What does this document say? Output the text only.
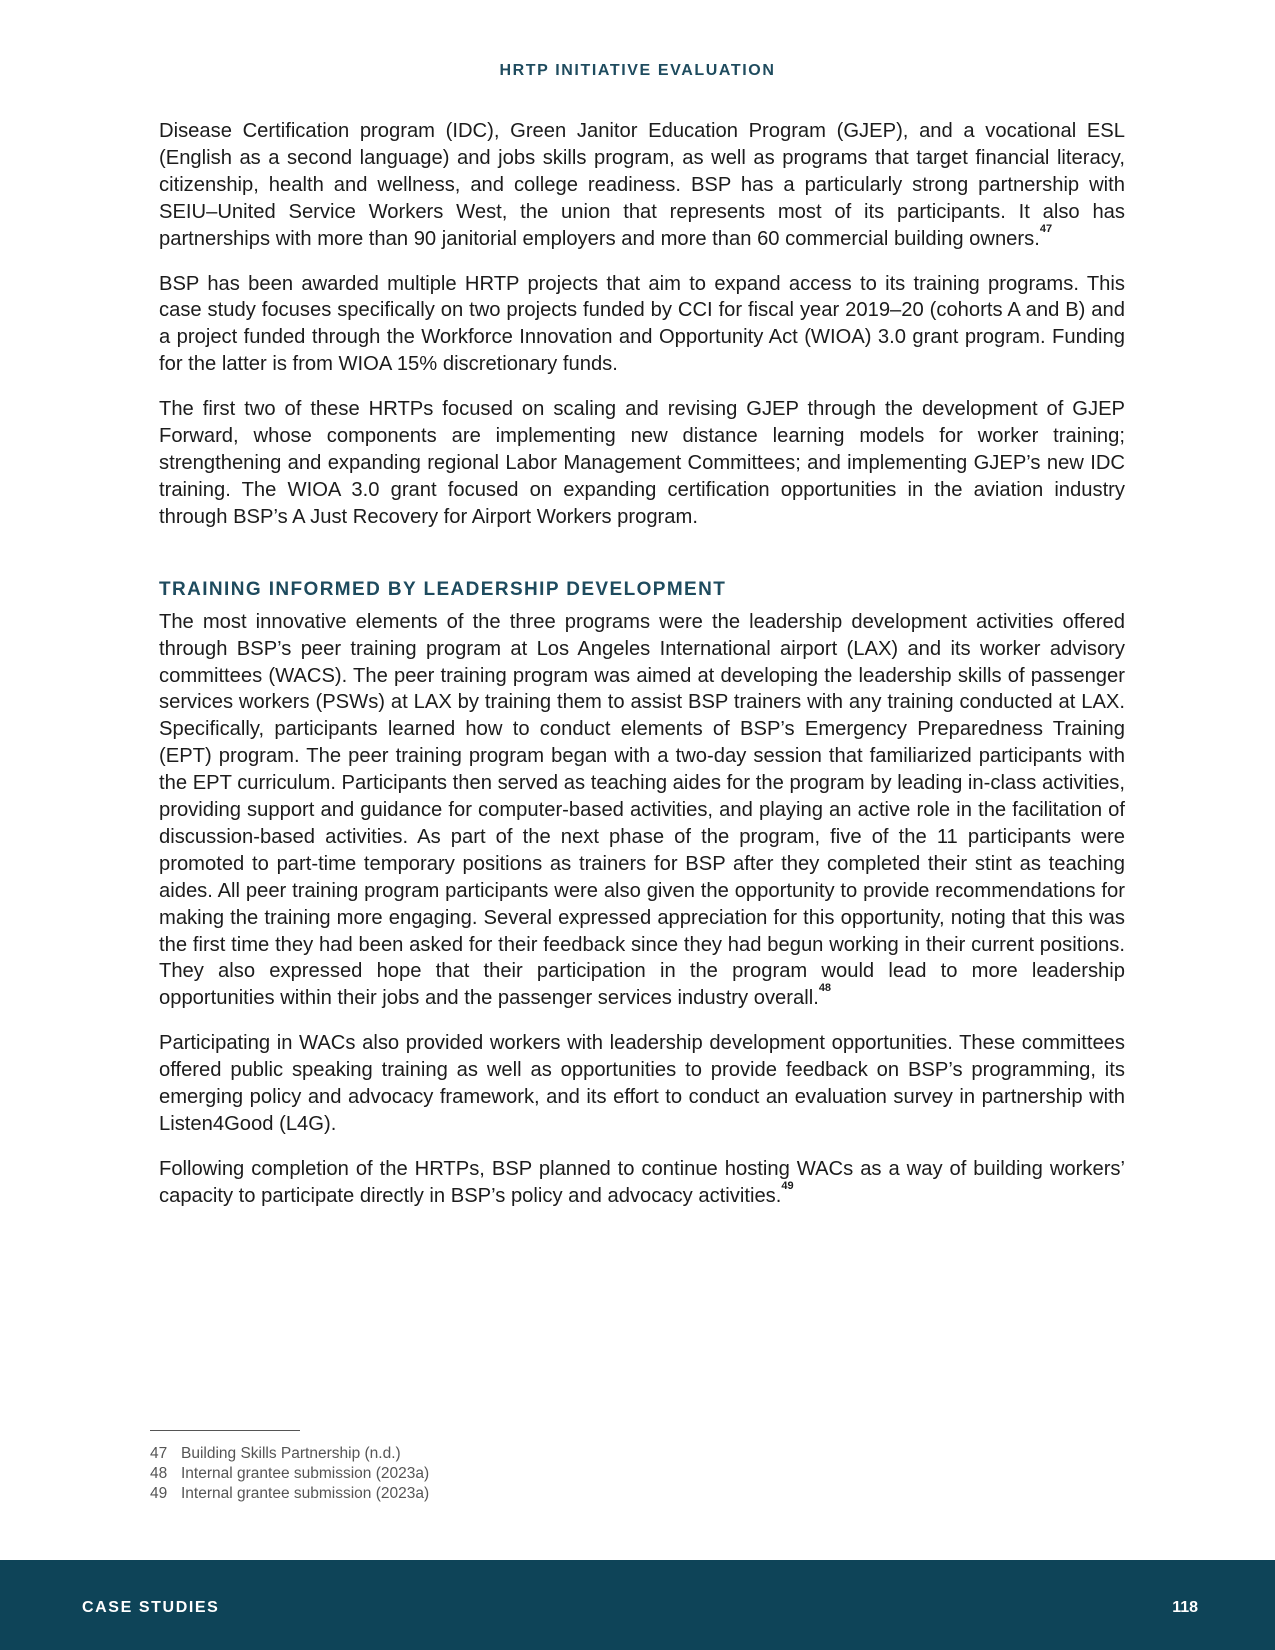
HRTP INITIATIVE EVALUATION

Disease Certification program (IDC), Green Janitor Education Program (GJEP), and a vocational ESL (English as a second language) and jobs skills program, as well as programs that target financial literacy, citizenship, health and wellness, and college readiness. BSP has a particularly strong partnership with SEIU–United Service Workers West, the union that represents most of its participants. It also has partnerships with more than 90 janitorial employers and more than 60 commercial building owners.$^{47}$

BSP has been awarded multiple HRTP projects that aim to expand access to its training programs. This case study focuses specifically on two projects funded by CCI for fiscal year 2019–20 (cohorts A and B) and a project funded through the Workforce Innovation and Opportunity Act (WIOA) 3.0 grant program. Funding for the latter is from WIOA 15% discretionary funds.

The first two of these HRTPs focused on scaling and revising GJEP through the development of GJEP Forward, whose components are implementing new distance learning models for worker training; strengthening and expanding regional Labor Management Committees; and implementing GJEP’s new IDC training. The WIOA 3.0 grant focused on expanding certification opportunities in the aviation industry through BSP’s A Just Recovery for Airport Workers program.

TRAINING INFORMED BY LEADERSHIP DEVELOPMENT

The most innovative elements of the three programs were the leadership development activities offered through BSP’s peer training program at Los Angeles International airport (LAX) and its worker advisory committees (WACS). The peer training program was aimed at developing the leadership skills of passenger services workers (PSWs) at LAX by training them to assist BSP trainers with any training conducted at LAX. Specifically, participants learned how to conduct elements of BSP’s Emergency Preparedness Training (EPT) program. The peer training program began with a two-day session that familiarized participants with the EPT curriculum. Participants then served as teaching aides for the program by leading in-class activities, providing support and guidance for computer-based activities, and playing an active role in the facilitation of discussion-based activities. As part of the next phase of the program, five of the 11 participants were promoted to part-time temporary positions as trainers for BSP after they completed their stint as teaching aides. All peer training program participants were also given the opportunity to provide recommendations for making the training more engaging. Several expressed appreciation for this opportunity, noting that this was the first time they had been asked for their feedback since they had begun working in their current positions. They also expressed hope that their participation in the program would lead to more leadership opportunities within their jobs and the passenger services industry overall.$^{48}$

Participating in WACs also provided workers with leadership development opportunities. These committees offered public speaking training as well as opportunities to provide feedback on BSP’s programming, its emerging policy and advocacy framework, and its effort to conduct an evaluation survey in partnership with Listen4Good (L4G).

Following completion of the HRTPs, BSP planned to continue hosting WACs as a way of building workers’ capacity to participate directly in BSP’s policy and advocacy activities.$^{49}$

47 Building Skills Partnership (n.d.)
48 Internal grantee submission (2023a)
49 Internal grantee submission (2023a)
CASE STUDIES	118
